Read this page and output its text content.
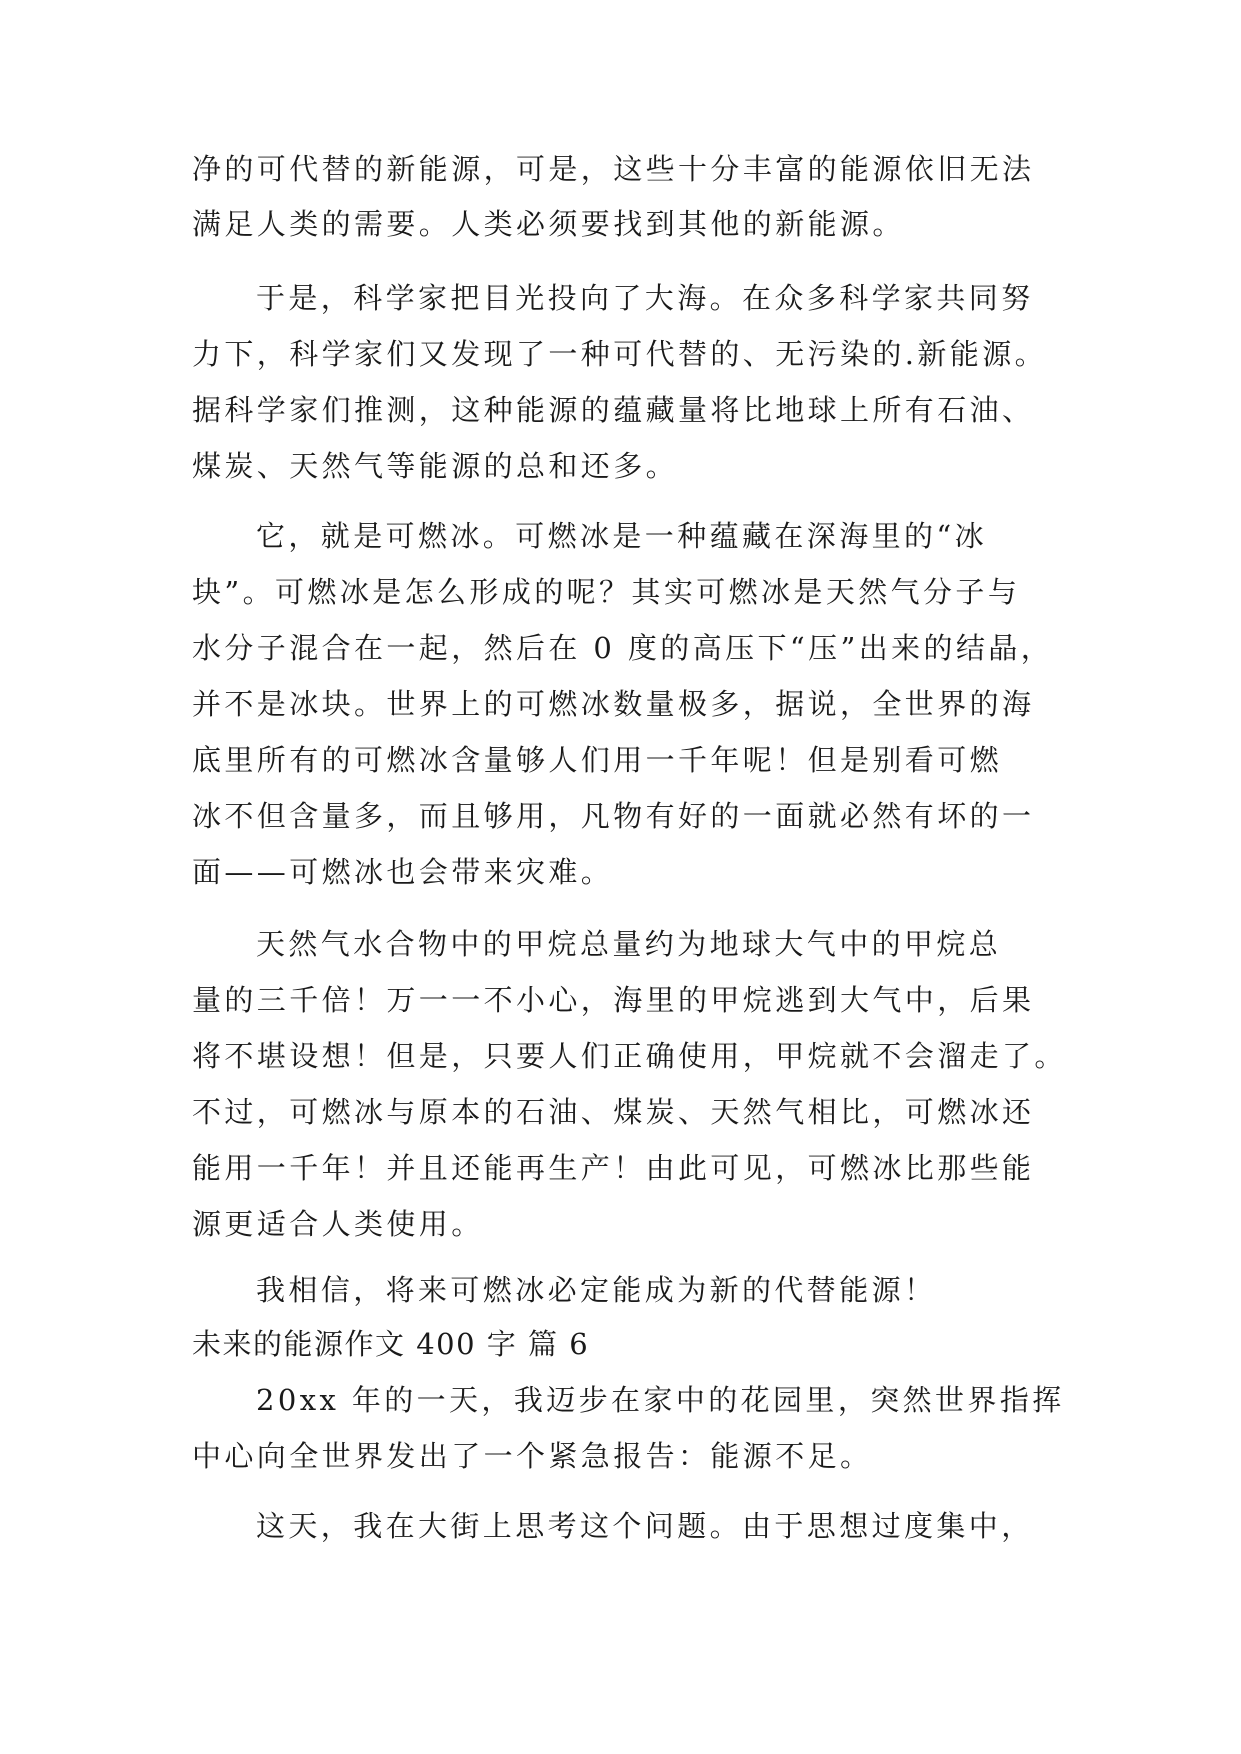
净的可代替的新能源，可是，这些十分丰富的能源依旧无法
满足人类的需要。人类必须要找到其他的新能源。
于是，科学家把目光投向了大海。在众多科学家共同努
力下，科学家们又发现了一种可代替的、无污染的.新能源。
据科学家们推测，这种能源的蕴藏量将比地球上所有石油、
煤炭、天然气等能源的总和还多。
它，就是可燃冰。可燃冰是一种蕴藏在深海里的“冰
块”。可燃冰是怎么形成的呢？其实可燃冰是天然气分子与
水分子混合在一起，然后在 0 度的高压下“压”出来的结晶，
并不是冰块。世界上的可燃冰数量极多，据说，全世界的海
底里所有的可燃冰含量够人们用一千年呢！但是别看可燃
冰不但含量多，而且够用，凡物有好的一面就必然有坏的一
面——可燃冰也会带来灾难。
天然气水合物中的甲烷总量约为地球大气中的甲烷总
量的三千倍！万一一不小心，海里的甲烷逃到大气中，后果
将不堪设想！但是，只要人们正确使用，甲烷就不会溜走了。
不过，可燃冰与原本的石油、煤炭、天然气相比，可燃冰还
能用一千年！并且还能再生产！由此可见，可燃冰比那些能
源更适合人类使用。
我相信，将来可燃冰必定能成为新的代替能源！
未来的能源作文 400 字 篇 6
20xx 年的一天，我迈步在家中的花园里，突然世界指挥
中心向全世界发出了一个紧急报告：能源不足。
这天，我在大街上思考这个问题。由于思想过度集中，
